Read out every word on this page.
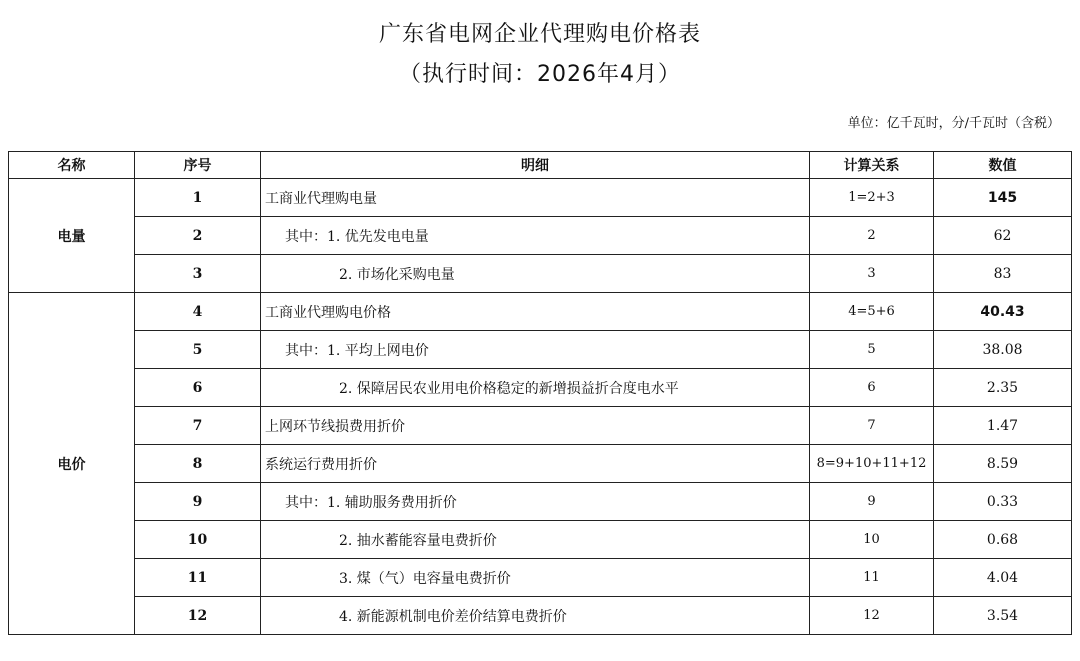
广东省电网企业代理购电价格表
（执行时间：2026年4月）
单位：亿千瓦时，分/千瓦时（含税）
名称	序号	明细	计算关系	数值
电量	1	工商业代理购电量	1=2+3	145
	2	其中：1. 优先发电电量	2	62
	3	2. 市场化采购电量	3	83
电价	4	工商业代理购电价格	4=5+6	40.43
	5	其中：1. 平均上网电价	5	38.08
	6	2. 保障居民农业用电价格稳定的新增损益折合度电水平	6	2.35
	7	上网环节线损费用折价	7	1.47
	8	系统运行费用折价	8=9+10+11+12	8.59
	9	其中：1. 辅助服务费用折价	9	0.33
	10	2. 抽水蓄能容量电费折价	10	0.68
	11	3. 煤（气）电容量电费折价	11	4.04
	12	4. 新能源机制电价差价结算电费折价	12	3.54
